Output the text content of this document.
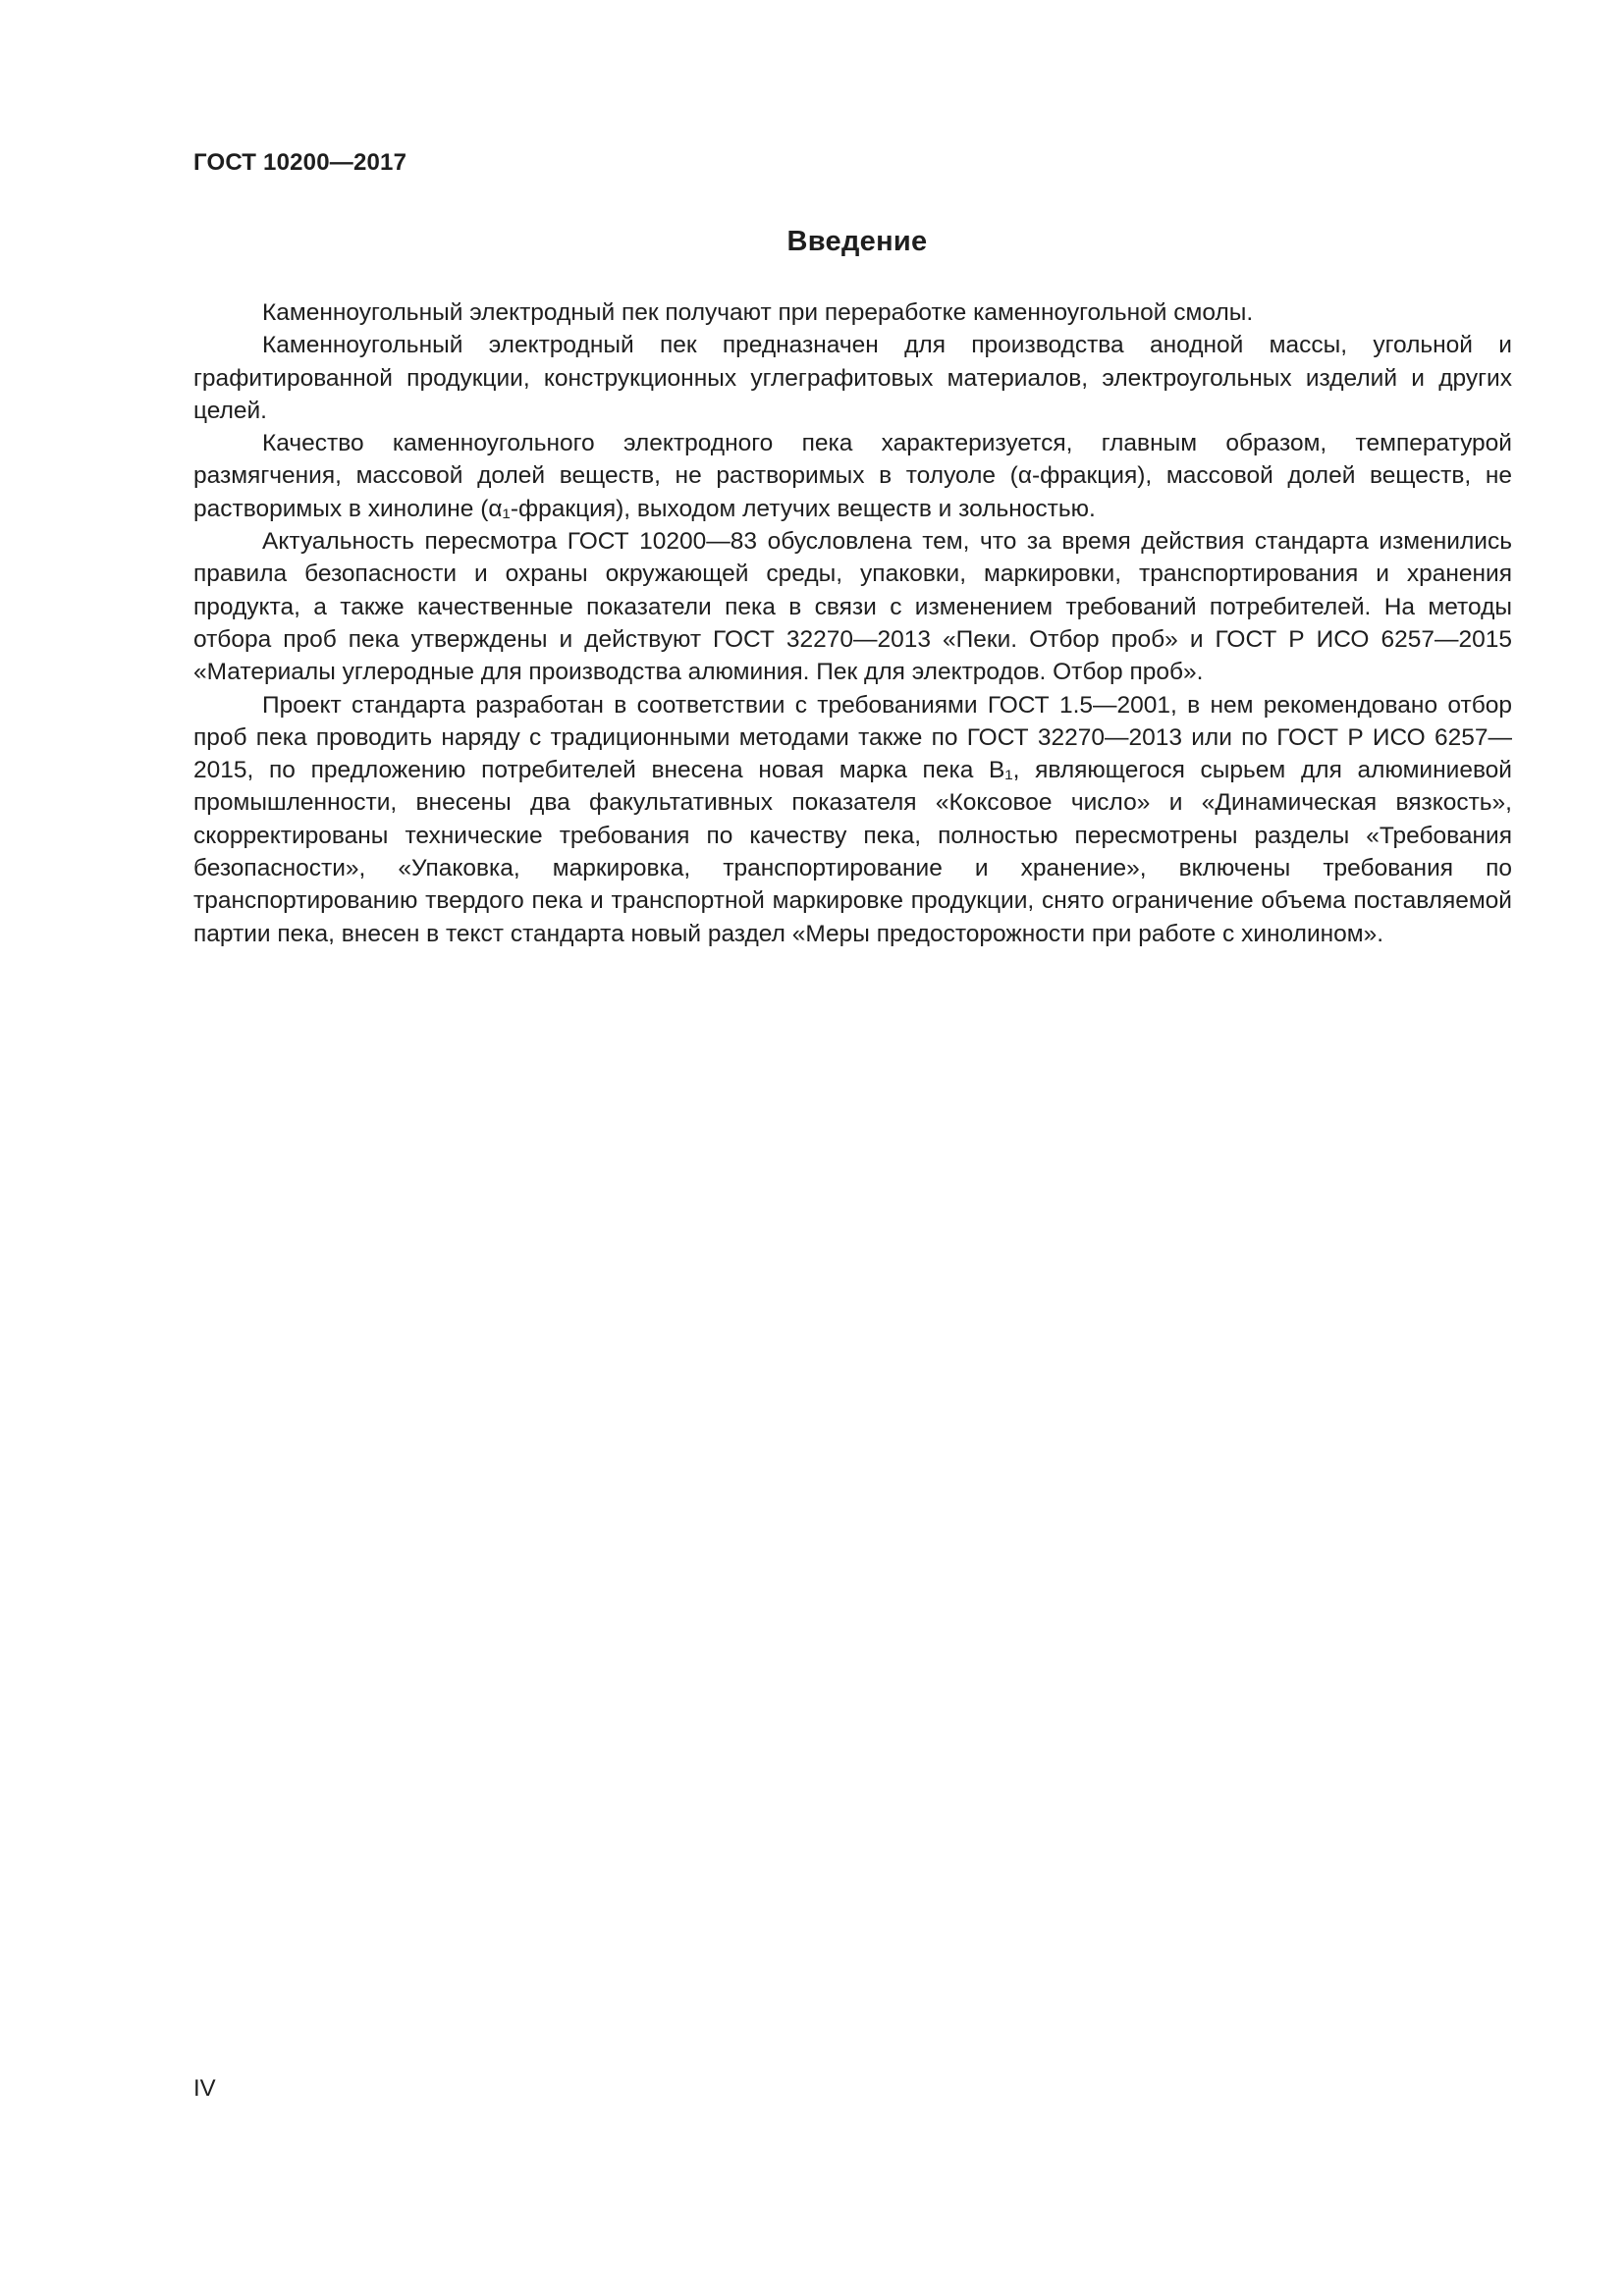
ГОСТ 10200—2017
Введение

Каменноугольный электродный пек получают при переработке каменноугольной смолы.

Каменноугольный электродный пек предназначен для производства анодной массы, угольной и графитированной продукции, конструкционных углеграфитовых материалов, электроугольных изделий и других целей.

Качество каменноугольного электродного пека характеризуется, главным образом, температурой размягчения, массовой долей веществ, не растворимых в толуоле (α-фракция), массовой долей веществ, не растворимых в хинолине (α₁-фракция), выходом летучих веществ и зольностью.

Актуальность пересмотра ГОСТ 10200—83 обусловлена тем, что за время действия стандарта изменились правила безопасности и охраны окружающей среды, упаковки, маркировки, транспортирования и хранения продукта, а также качественные показатели пека в связи с изменением требований потребителей. На методы отбора проб пека утверждены и действуют ГОСТ 32270—2013 «Пеки. Отбор проб» и ГОСТ Р ИСО 6257—2015 «Материалы углеродные для производства алюминия. Пек для электродов. Отбор проб».

Проект стандарта разработан в соответствии с требованиями ГОСТ 1.5—2001, в нем рекомендовано отбор проб пека проводить наряду с традиционными методами также по ГОСТ 32270—2013 или по ГОСТ Р ИСО 6257—2015, по предложению потребителей внесена новая марка пека В₁, являющегося сырьем для алюминиевой промышленности, внесены два факультативных показателя «Коксовое число» и «Динамическая вязкость», скорректированы технические требования по качеству пека, полностью пересмотрены разделы «Требования безопасности», «Упаковка, маркировка, транспортирование и хранение», включены требования по транспортированию твердого пека и транспортной маркировке продукции, снято ограничение объема поставляемой партии пека, внесен в текст стандарта новый раздел «Меры предосторожности при работе с хинолином».

IV
